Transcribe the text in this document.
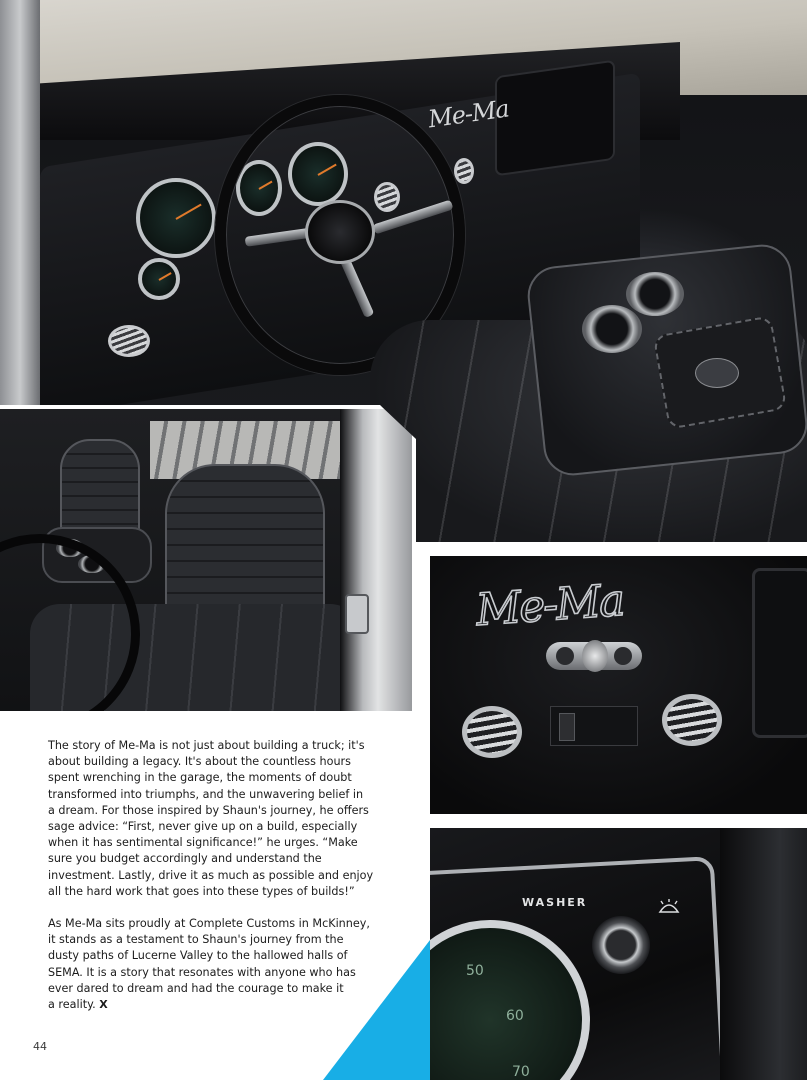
Me-Ma
Me-Ma
50
60
70
WASHER

The story of Me-Ma is not just about building a truck; it's
about building a legacy. It's about the countless hours
spent wrenching in the garage, the moments of doubt
transformed into triumphs, and the unwavering belief in
a dream. For those inspired by Shaun's journey, he offers
sage advice: “First, never give up on a build, especially
when it has sentimental significance!” he urges. “Make
sure you budget accordingly and understand the
investment. Lastly, drive it as much as possible and enjoy
all the hard work that goes into these types of builds!”

As Me-Ma sits proudly at Complete Customs in McKinney,
it stands as a testament to Shaun's journey from the
dusty paths of Lucerne Valley to the hallowed halls of
SEMA. It is a story that resonates with anyone who has
ever dared to dream and had the courage to make it
a reality. X

44
